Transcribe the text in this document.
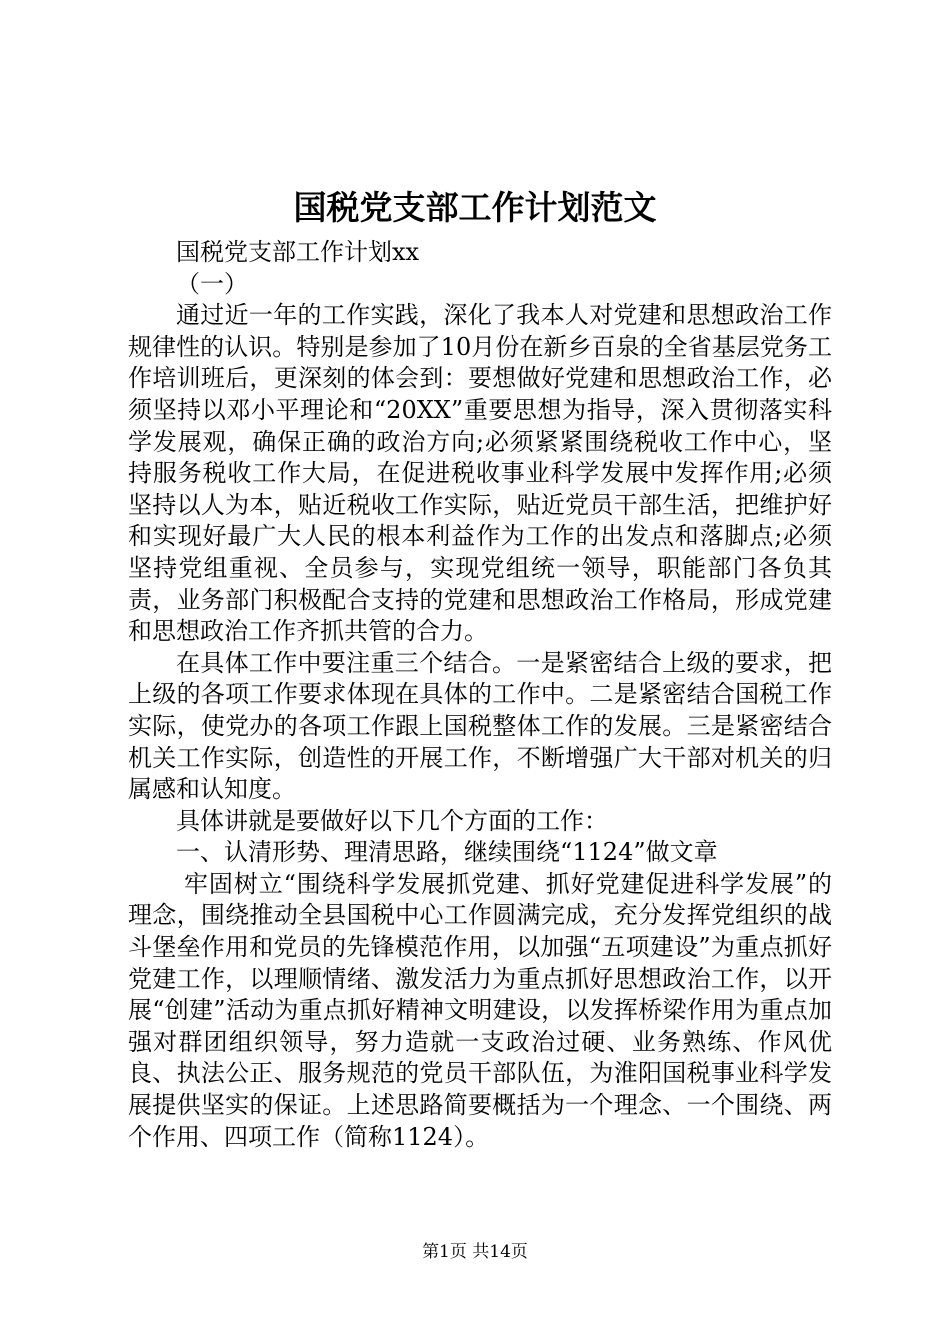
国税党支部工作计划范文

国税党支部工作计划xx

（一）

通过近一年的工作实践，深化了我本人对党建和思想政治工作规律性的认识。特别是参加了10月份在新乡百泉的全省基层党务工作培训班后，更深刻的体会到：要想做好党建和思想政治工作，必须坚持以邓小平理论和“20XX”重要思想为指导，深入贯彻落实科学发展观，确保正确的政治方向;必须紧紧围绕税收工作中心，坚持服务税收工作大局，在促进税收事业科学发展中发挥作用;必须坚持以人为本，贴近税收工作实际，贴近党员干部生活，把维护好和实现好最广大人民的根本利益作为工作的出发点和落脚点;必须坚持党组重视、全员参与，实现党组统一领导，职能部门各负其责，业务部门积极配合支持的党建和思想政治工作格局，形成党建和思想政治工作齐抓共管的合力。

在具体工作中要注重三个结合。一是紧密结合上级的要求，把上级的各项工作要求体现在具体的工作中。二是紧密结合国税工作实际，使党办的各项工作跟上国税整体工作的发展。三是紧密结合机关工作实际，创造性的开展工作，不断增强广大干部对机关的归属感和认知度。

具体讲就是要做好以下几个方面的工作：

一、认清形势、理清思路，继续围绕“1124”做文章

牢固树立“围绕科学发展抓党建、抓好党建促进科学发展”的理念，围绕推动全县国税中心工作圆满完成，充分发挥党组织的战斗堡垒作用和党员的先锋模范作用，以加强“五项建设”为重点抓好党建工作，以理顺情绪、激发活力为重点抓好思想政治工作，以开展“创建”活动为重点抓好精神文明建设，以发挥桥梁作用为重点加强对群团组织领导，努力造就一支政治过硬、业务熟练、作风优良、执法公正、服务规范的党员干部队伍，为淮阳国税事业科学发展提供坚实的保证。上述思路简要概括为一个理念、一个围绕、两个作用、四项工作（简称1124）。

第1页 共14页
